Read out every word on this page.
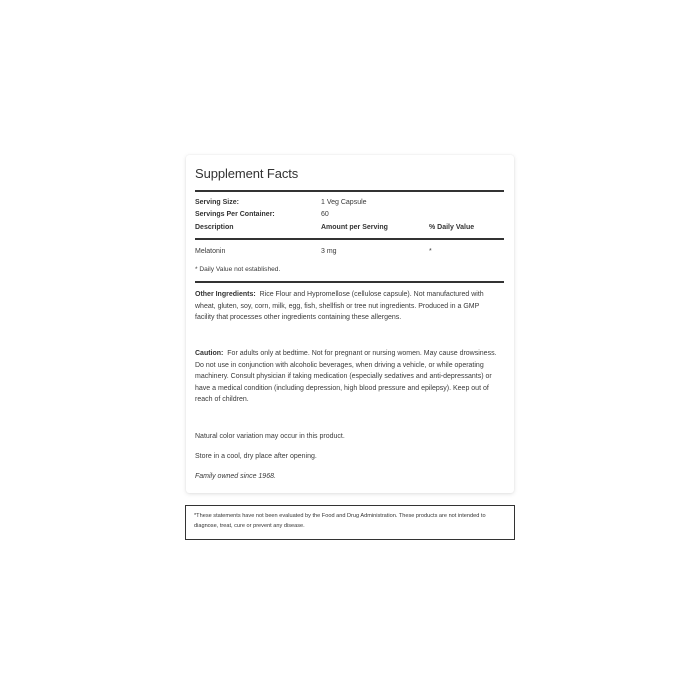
Supplement Facts
Serving Size:	1 Veg Capsule
Servings Per Container:	60
Description	Amount per Serving	% Daily Value
Melatonin	3 mg	*
* Daily Value not established.
Other Ingredients: Rice Flour and Hypromellose (cellulose capsule). Not manufactured with wheat, gluten, soy, corn, milk, egg, fish, shellfish or tree nut ingredients. Produced in a GMP facility that processes other ingredients containing these allergens.
Caution: For adults only at bedtime. Not for pregnant or nursing women. May cause drowsiness. Do not use in conjunction with alcoholic beverages, when driving a vehicle, or while operating machinery. Consult physician if taking medication (especially sedatives and anti-depressants) or have a medical condition (including depression, high blood pressure and epilepsy). Keep out of reach of children.
Natural color variation may occur in this product.
Store in a cool, dry place after opening.
Family owned since 1968.
*These statements have not been evaluated by the Food and Drug Administration. These products are not intended to diagnose, treat, cure or prevent any disease.
